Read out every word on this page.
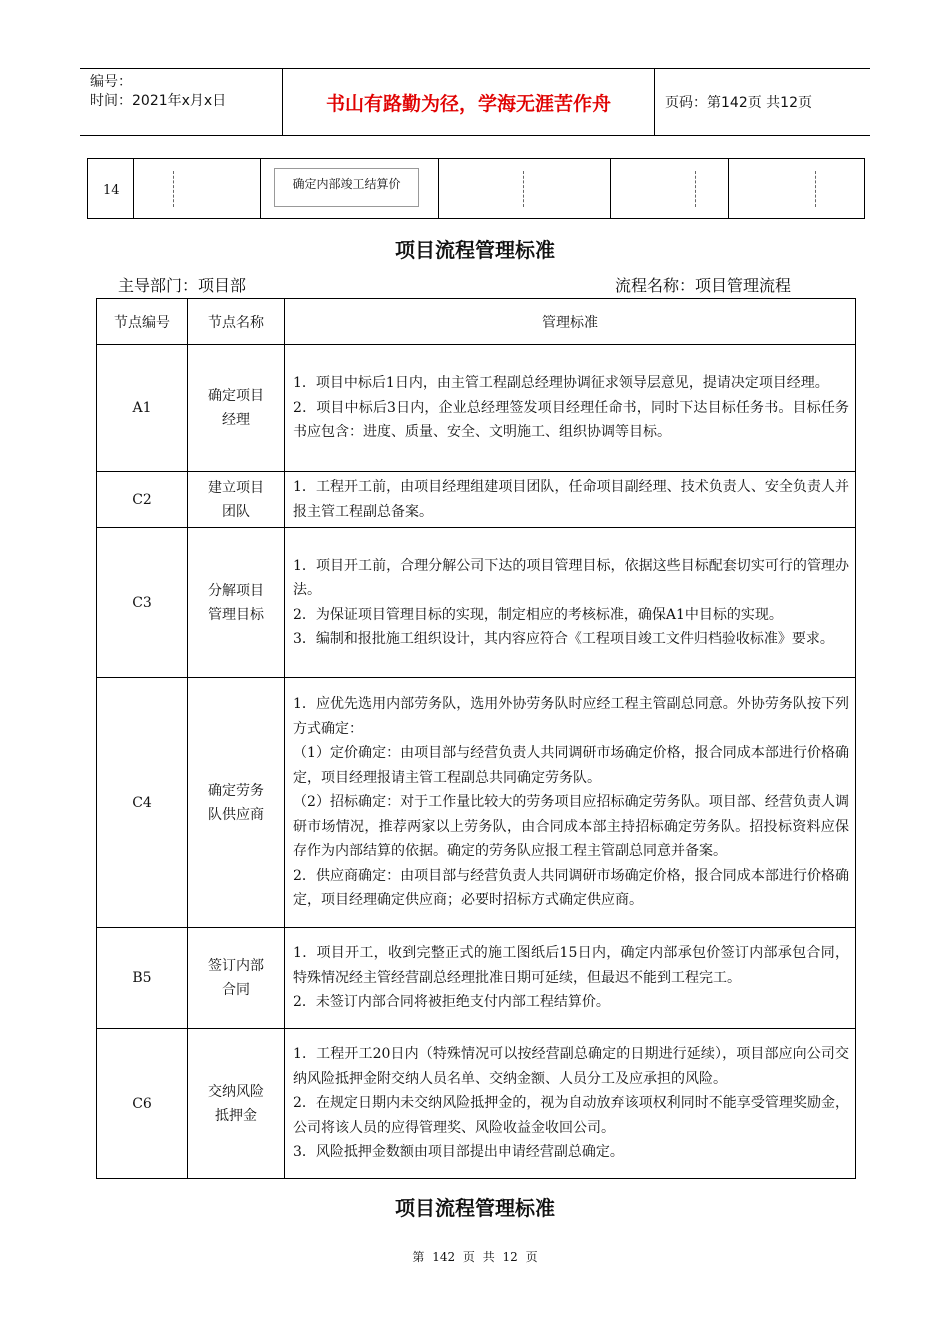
编号：
时间：2021年x月x日	书山有路勤为径，学海无涯苦作舟	页码：第142页 共12页
14	确定内部竣工结算价
项目流程管理标准
主导部门：项目部	流程名称：项目管理流程
节点编号	节点名称	管理标准
A1	确定项目经理	1．项目中标后1日内，由主管工程副总经理协调征求领导层意见，提请决定项目经理。

2．项目中标后3日内，企业总经理签发项目经理任命书，同时下达目标任务书。目标任务书应包含：进度、质量、安全、文明施工、组织协调等目标。

C2	建立项目团队	1．工程开工前，由项目经理组建项目团队，任命项目副经理、技术负责人、安全负责人并报主管工程副总备案。

C3	分解项目管理目标	1．项目开工前，合理分解公司下达的项目管理目标，依据这些目标配套切实可行的管理办法。

2．为保证项目管理目标的实现，制定相应的考核标准，确保A1中目标的实现。

3．编制和报批施工组织设计，其内容应符合《工程项目竣工文件归档验收标准》要求。

C4	确定劳务队供应商	1．应优先选用内部劳务队，选用外协劳务队时应经工程主管副总同意。外协劳务队按下列方式确定：

（1）定价确定：由项目部与经营负责人共同调研市场确定价格，报合同成本部进行价格确定，项目经理报请主管工程副总共同确定劳务队。

（2）招标确定：对于工作量比较大的劳务项目应招标确定劳务队。项目部、经营负责人调研市场情况，推荐两家以上劳务队，由合同成本部主持招标确定劳务队。招投标资料应保存作为内部结算的依据。确定的劳务队应报工程主管副总同意并备案。

2．供应商确定：由项目部与经营负责人共同调研市场确定价格，报合同成本部进行价格确定，项目经理确定供应商；必要时招标方式确定供应商。

B5	签订内部合同	1．项目开工，收到完整正式的施工图纸后15日内，确定内部承包价签订内部承包合同，特殊情况经主管经营副总经理批准日期可延续，但最迟不能到工程完工。

2．未签订内部合同将被拒绝支付内部工程结算价。

C6	交纳风险抵押金	1．工程开工20日内（特殊情况可以按经营副总确定的日期进行延续），项目部应向公司交纳风险抵押金附交纳人员名单、交纳金额、人员分工及应承担的风险。

2．在规定日期内未交纳风险抵押金的，视为自动放弃该项权利同时不能享受管理奖励金，公司将该人员的应得管理奖、风险收益金收回公司。

3．风险抵押金数额由项目部提出申请经营副总确定。

项目流程管理标准
第 142 页 共 12 页
